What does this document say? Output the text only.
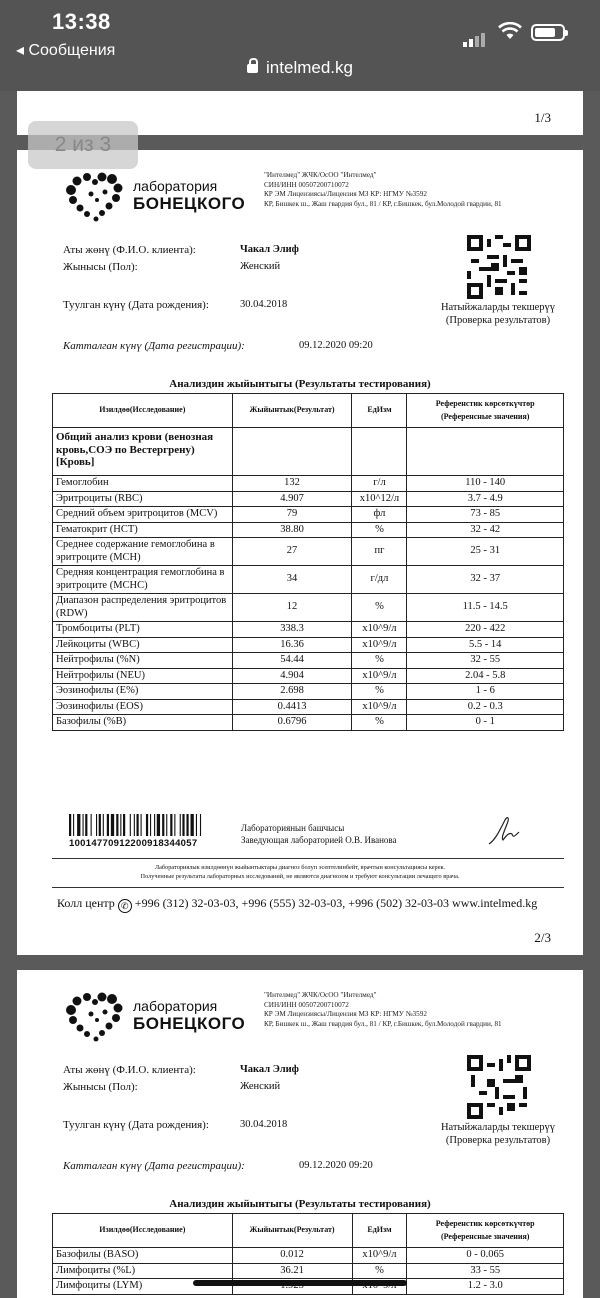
13:38
◂ Сообщения
intelmed.kg
1/3
лаборатория
БОНЕЦКОГО
"Интелмед" ЖЧК/ОсОО "Интелмед"
СИН/ИНН 00507200710072
КР ЭМ Лицензиясы/Лицензия МЗ КР: НГМУ №3592
КР, Бишкек ш., Жаш гвардия бул., 81 / КР, г.Бишкек, бул.Молодой гвардии, 81
Аты жөнү (Ф.И.О. клиента):	Чакал Элиф
Жынысы (Пол):	Женский
Туулган күнү (Дата рождения):	30.04.2018
Катталган күнү (Дата регистрации):	09.12.2020 09:20
Натыйжаларды текшерүү
(Проверка результатов)
Анализдин жыйынтыгы (Результаты тестирования)
Изилдөө(Исследование)	Жыйынтык(Результат)	ЕдИзм	Референстик көрсөткүчтөр
(Референсные значения)

Общий анализ крови (венозная кровь,СОЭ по Вестергрену) [Кровь]			
Гемоглобин	132	г/л	110 - 140
Эритроциты (RBC)	4.907	х10^12/л	3.7 - 4.9
Средний объем эритроцитов (MCV)	79	фл	73 - 85
Гематокрит (HCT)	38.80	%	32 - 42
Среднее содержание гемоглобина в эритроците (MCH)	27	пг	25 - 31
Средняя концентрация гемоглобина в эритроците (MCHC)	34	г/дл	32 - 37
Диапазон распределения эритроцитов (RDW)	12	%	11.5 - 14.5
Тромбоциты (PLT)	338.3	х10^9/л	220 - 422
Лейкоциты (WBC)	16.36	х10^9/л	5.5 - 14
Нейтрофилы (%N)	54.44	%	32 - 55
Нейтрофилы (NEU)	4.904	х10^9/л	2.04 - 5.8
Эозинофилы (E%)	2.698	%	1 - 6
Эозинофилы (EOS)	0.4413	х10^9/л	0.2 - 0.3
Базофилы (%B)	0.6796	%	0 - 1
10014770912200918344057
Лабораториянын башчысы
Заведующая лабораторией О.В. Иванова
Лабораториялык изилдөөнүн жыйынтыктары диагноз болуп эсептелинбейт, врачтын консультациясы керек.
Полученные результаты лабораторных исследований, не являются диагнозом и требуют консультации лечащего врача.
Колл центр ✆ +996 (312) 32-03-03, +996 (555) 32-03-03, +996 (502) 32-03-03 www.intelmed.kg
2/3
2 из 3
лаборатория
БОНЕЦКОГО
"Интелмед" ЖЧК/ОсОО "Интелмед"
СИН/ИНН 00507200710072
КР ЭМ Лицензиясы/Лицензия МЗ КР: НГМУ №3592
КР, Бишкек ш., Жаш гвардия бул., 81 / КР, г.Бишкек, бул.Молодой гвардии, 81
Аты жөнү (Ф.И.О. клиента):	Чакал Элиф
Жынысы (Пол):	Женский
Туулган күнү (Дата рождения):	30.04.2018
Катталган күнү (Дата регистрации):	09.12.2020 09:20
Натыйжаларды текшерүү
(Проверка результатов)
Анализдин жыйынтыгы (Результаты тестирования)
Изилдөө(Исследование)	Жыйынтык(Результат)	ЕдИзм	Референстик көрсөткүчтөр
(Референсные значения)

Базофилы (BASO)	0.012	х10^9/л	0 - 0.065
Лимфоциты (%L)	36.21	%	33 - 55
Лимфоциты (LYM)			1.2 - 3.0
